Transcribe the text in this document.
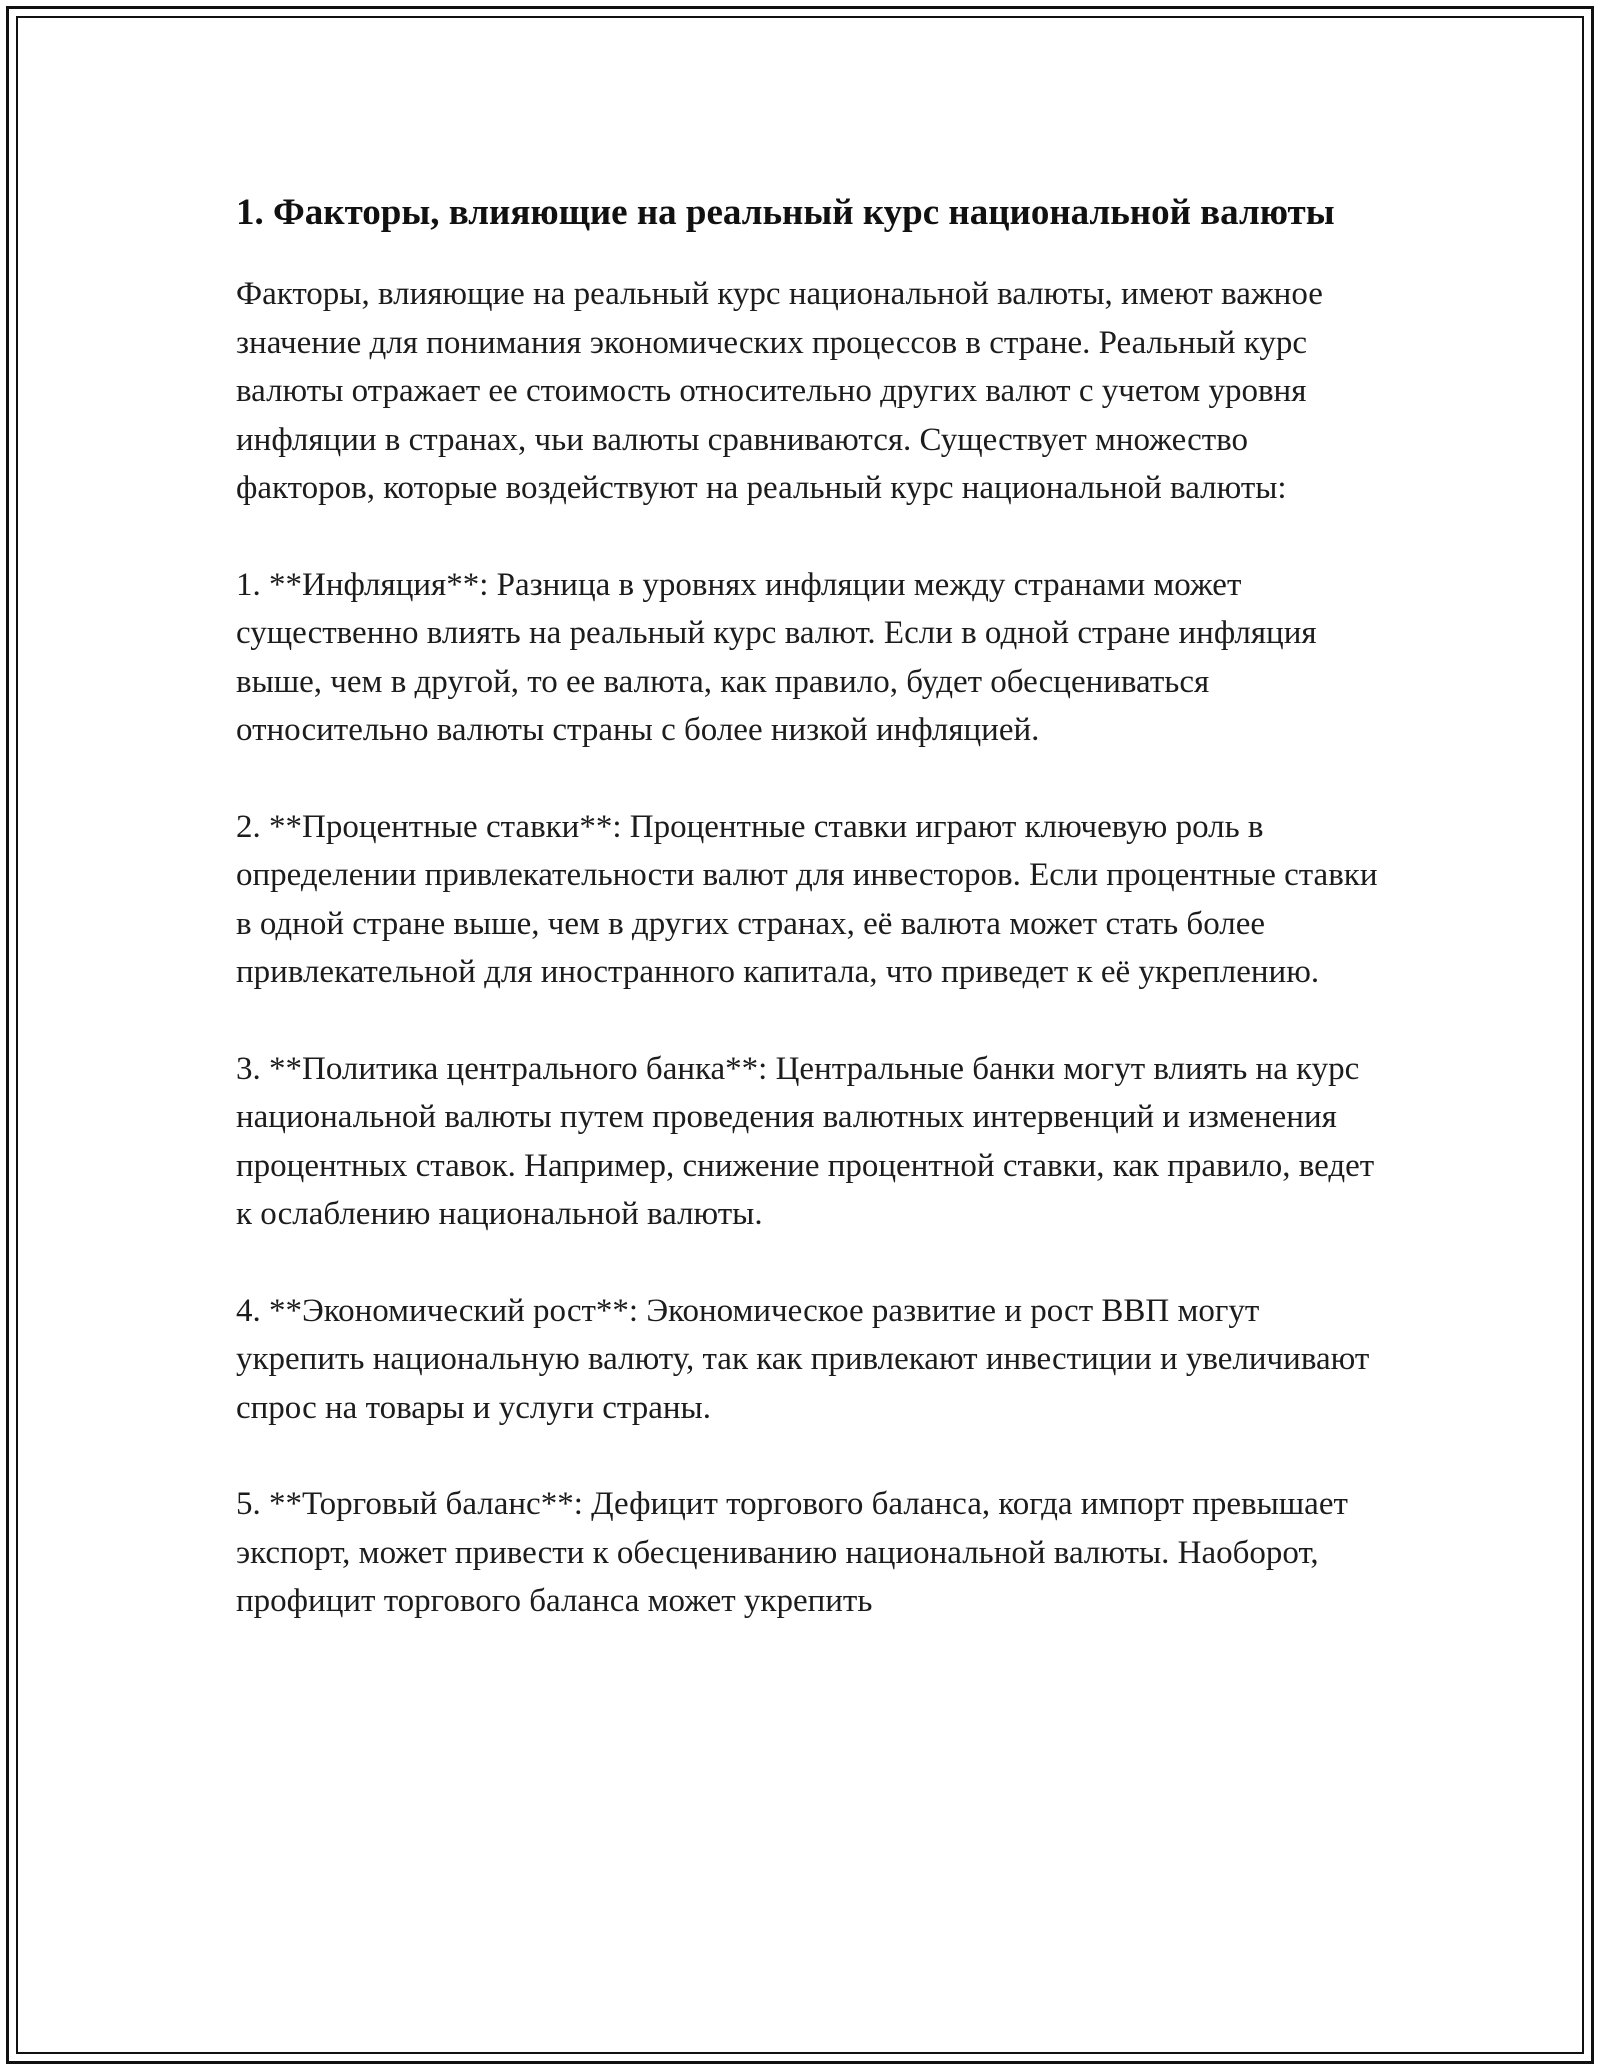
1. Факторы, влияющие на реальный курс национальной валюты

Факторы, влияющие на реальный курс национальной валюты, имеют важное значение для понимания экономических процессов в стране. Реальный курс валюты отражает ее стоимость относительно других валют с учетом уровня инфляции в странах, чьи валюты сравниваются. Существует множество факторов, которые воздействуют на реальный курс национальной валюты:

1. **Инфляция**: Разница в уровнях инфляции между странами может существенно влиять на реальный курс валют. Если в одной стране инфляция выше, чем в другой, то ее валюта, как правило, будет обесцениваться относительно валюты страны с более низкой инфляцией.

2. **Процентные ставки**: Процентные ставки играют ключевую роль в определении привлекательности валют для инвесторов. Если процентные ставки в одной стране выше, чем в других странах, её валюта может стать более привлекательной для иностранного капитала, что приведет к её укреплению.

3. **Политика центрального банка**: Центральные банки могут влиять на курс национальной валюты путем проведения валютных интервенций и изменения процентных ставок. Например, снижение процентной ставки, как правило, ведет к ослаблению национальной валюты.

4. **Экономический рост**: Экономическое развитие и рост ВВП могут укрепить национальную валюту, так как привлекают инвестиции и увеличивают спрос на товары и услуги страны.

5. **Торговый баланс**: Дефицит торгового баланса, когда импорт превышает экспорт, может привести к обесцениванию национальной валюты. Наоборот, профицит торгового баланса может укрепить
